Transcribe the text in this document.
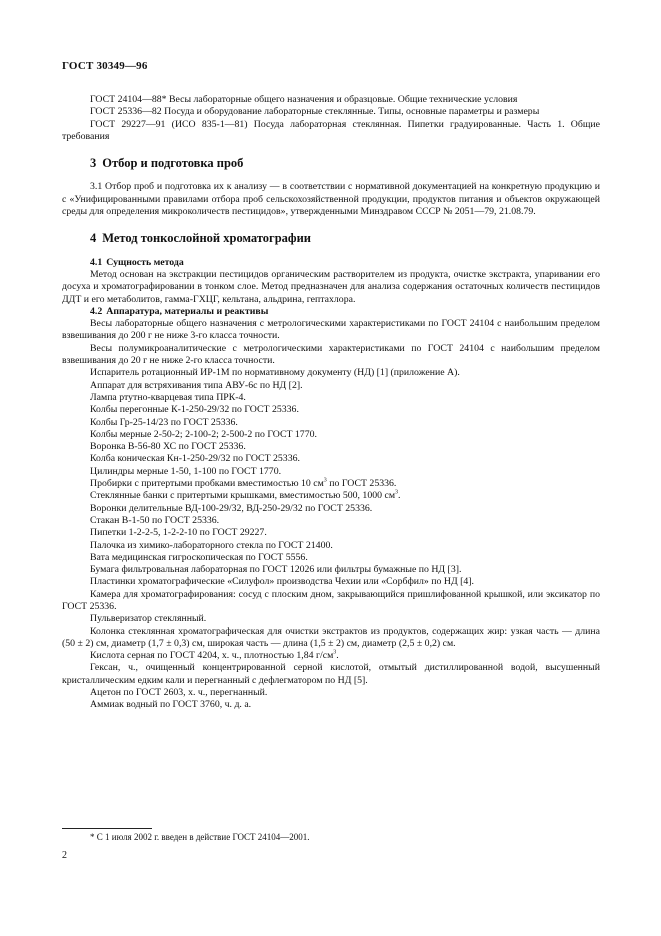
ГОСТ 30349—96

ГОСТ 24104—88* Весы лабораторные общего назначения и образцовые. Общие технические условия

ГОСТ 25336—82 Посуда и оборудование лабораторные стеклянные. Типы, основные параметры и размеры

ГОСТ 29227—91 (ИСО 835-1—81) Посуда лабораторная стеклянная. Пипетки градуированные. Часть 1. Общие требования

3 Отбор и подготовка проб

3.1 Отбор проб и подготовка их к анализу — в соответствии с нормативной документацией на конкретную продукцию и с «Унифицированными правилами отбора проб сельскохозяйственной продукции, продуктов питания и объектов окружающей среды для определения микроколичеств пестицидов», утвержденными Минздравом СССР № 2051—79, 21.08.79.

4 Метод тонкослойной хроматографии

4.1 Сущность метода

Метод основан на экстракции пестицидов органическим растворителем из продукта, очистке экстракта, упаривании его досуха и хроматографировании в тонком слое. Метод предназначен для анализа содержания остаточных количеств пестицидов ДДТ и его метаболитов, гамма-ГХЦГ, кельтана, альдрина, гептахлора.

4.2 Аппаратура, материалы и реактивы

Весы лабораторные общего назначения с метрологическими характеристиками по ГОСТ 24104 с наибольшим пределом взвешивания до 200 г не ниже 3-го класса точности.

Весы полумикроаналитические с метрологическими характеристиками по ГОСТ 24104 с наибольшим пределом взвешивания до 20 г не ниже 2-го класса точности.

Испаритель ротационный ИР-1М по нормативному документу (НД) [1] (приложение А).

Аппарат для встряхивания типа АВУ-6с по НД [2].

Лампа ртутно-кварцевая типа ПРК-4.

Колбы перегонные К-1-250-29/32 по ГОСТ 25336.

Колбы Гр-25-14/23 по ГОСТ 25336.

Колбы мерные 2-50-2; 2-100-2; 2-500-2 по ГОСТ 1770.

Воронка В-56-80 ХС по ГОСТ 25336.

Колба коническая Кн-1-250-29/32 по ГОСТ 25336.

Цилиндры мерные 1-50, 1-100 по ГОСТ 1770.

Пробирки с притертыми пробками вместимостью 10 $см^3$ по ГОСТ 25336.

Стеклянные банки с притертыми крышками, вместимостью 500, 1000 $см^3$.

Воронки делительные ВД-100-29/32, ВД-250-29/32 по ГОСТ 25336.

Стакан В-1-50 по ГОСТ 25336.

Пипетки 1-2-2-5, 1-2-2-10 по ГОСТ 29227.

Палочка из химико-лабораторного стекла по ГОСТ 21400.

Вата медицинская гигроскопическая по ГОСТ 5556.

Бумага фильтровальная лабораторная по ГОСТ 12026 или фильтры бумажные по НД [3].

Пластинки хроматографические «Силуфол» производства Чехии или «Сорбфил» по НД [4].

Камера для хроматографирования: сосуд с плоским дном, закрывающийся пришлифованной крышкой, или эксикатор по ГОСТ 25336.

Пульверизатор стеклянный.

Колонка стеклянная хроматографическая для очистки экстрактов из продуктов, содержащих жир: узкая часть — длина (50 ± 2) см, диаметр (1,7 ± 0,3) см, широкая часть — длина (1,5 ± 2) см, диаметр (2,5 ± 0,2) см.

Кислота серная по ГОСТ 4204, х. ч., плотностью 1,84 $г/см^3$.

Гексан, ч., очищенный концентрированной серной кислотой, отмытый дистиллированной водой, высушенный кристаллическим едким кали и перегнанный с дефлегматором по НД [5].

Ацетон по ГОСТ 2603, х. ч., перегнанный.

Аммиак водный по ГОСТ 3760, ч. д. а.

* С 1 июля 2002 г. введен в действие ГОСТ 24104—2001.
2
